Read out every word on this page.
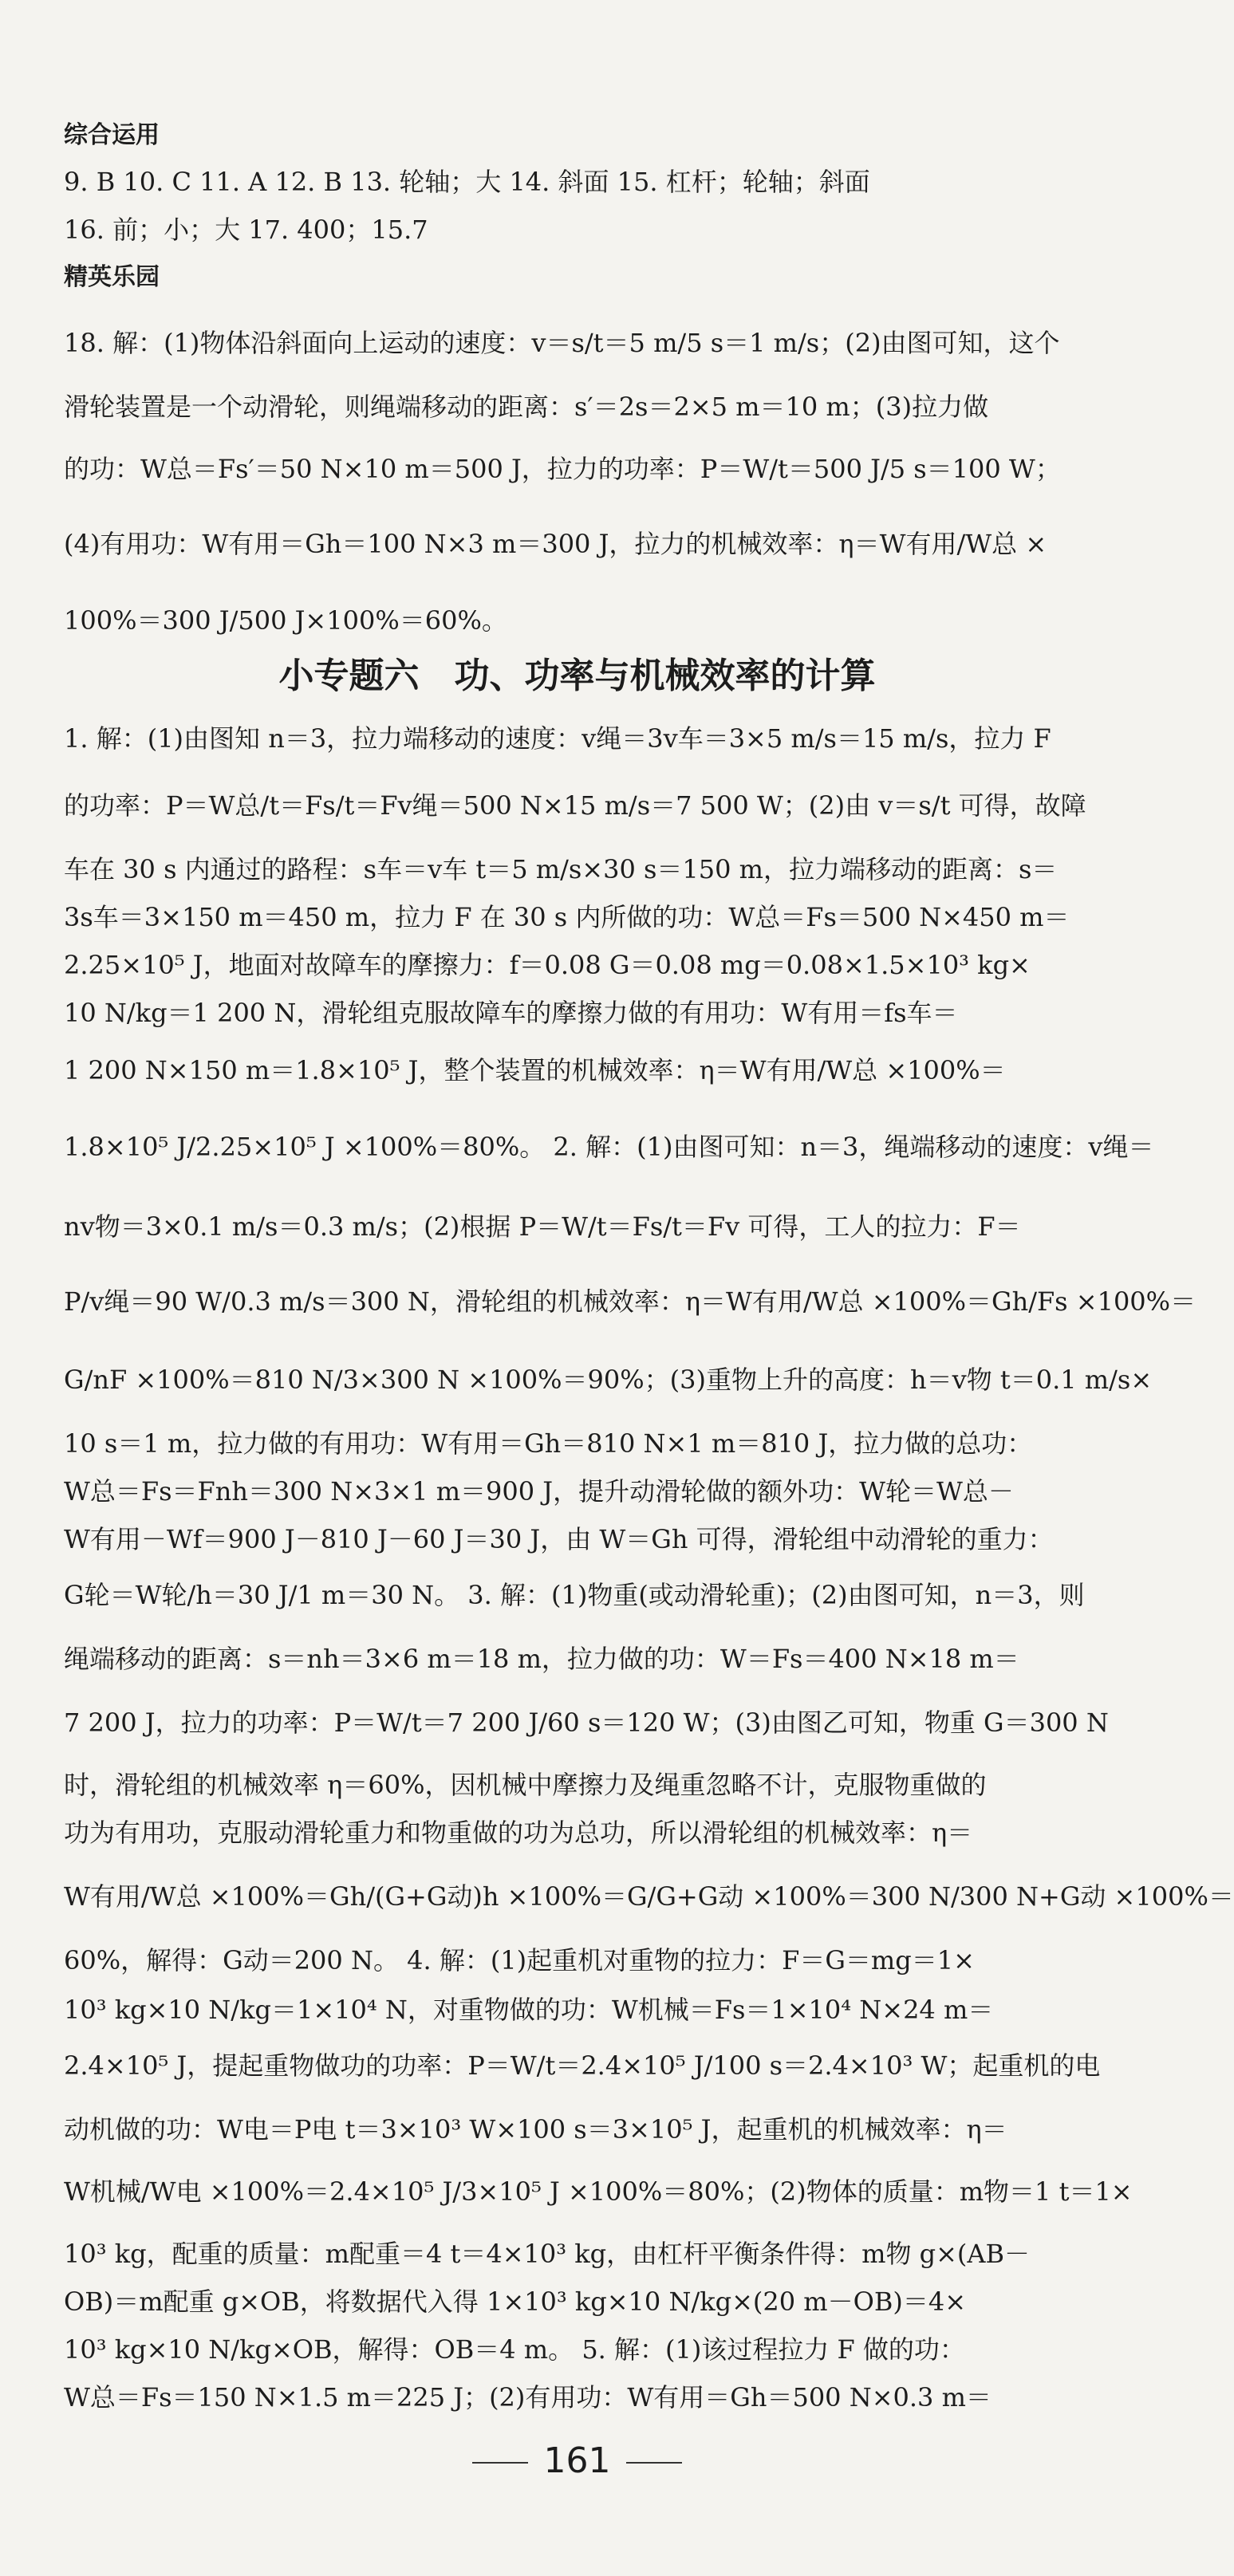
综合运用
9. B 10. C 11. A 12. B 13. 轮轴；大 14. 斜面 15. 杠杆；轮轴；斜面
16. 前；小；大 17. 400；15.7
精英乐园
18. 解：(1)物体沿斜面向上运动的速度：v＝s/t＝5 m/5 s＝1 m/s；(2)由图可知，这个
滑轮装置是一个动滑轮，则绳端移动的距离：s′＝2s＝2×5 m＝10 m；(3)拉力做
的功：W总＝Fs′＝50 N×10 m＝500 J，拉力的功率：P＝W/t＝500 J/5 s＝100 W；
(4)有用功：W有用＝Gh＝100 N×3 m＝300 J，拉力的机械效率：η＝W有用/W总 ×
100%＝300 J/500 J×100%＝60%。
小专题六　功、功率与机械效率的计算
1. 解：(1)由图知 n＝3，拉力端移动的速度：v绳＝3v车＝3×5 m/s＝15 m/s，拉力 F
的功率：P＝W总/t＝Fs/t＝Fv绳＝500 N×15 m/s＝7 500 W；(2)由 v＝s/t 可得，故障
车在 30 s 内通过的路程：s车＝v车 t＝5 m/s×30 s＝150 m，拉力端移动的距离：s＝
3s车＝3×150 m＝450 m，拉力 F 在 30 s 内所做的功：W总＝Fs＝500 N×450 m＝
2.25×10⁵ J，地面对故障车的摩擦力：f＝0.08 G＝0.08 mg＝0.08×1.5×10³ kg×
10 N/kg＝1 200 N，滑轮组克服故障车的摩擦力做的有用功：W有用＝fs车＝
1 200 N×150 m＝1.8×10⁵ J，整个装置的机械效率：η＝W有用/W总 ×100%＝
1.8×10⁵ J/2.25×10⁵ J ×100%＝80%。 2. 解：(1)由图可知：n＝3，绳端移动的速度：v绳＝
nv物＝3×0.1 m/s＝0.3 m/s；(2)根据 P＝W/t＝Fs/t＝Fv 可得，工人的拉力：F＝
P/v绳＝90 W/0.3 m/s＝300 N，滑轮组的机械效率：η＝W有用/W总 ×100%＝Gh/Fs ×100%＝
G/nF ×100%＝810 N/3×300 N ×100%＝90%；(3)重物上升的高度：h＝v物 t＝0.1 m/s×
10 s＝1 m，拉力做的有用功：W有用＝Gh＝810 N×1 m＝810 J，拉力做的总功：
W总＝Fs＝Fnh＝300 N×3×1 m＝900 J，提升动滑轮做的额外功：W轮＝W总－
W有用－Wf＝900 J－810 J－60 J＝30 J，由 W＝Gh 可得，滑轮组中动滑轮的重力：
G轮＝W轮/h＝30 J/1 m＝30 N。 3. 解：(1)物重(或动滑轮重)；(2)由图可知，n＝3，则
绳端移动的距离：s＝nh＝3×6 m＝18 m，拉力做的功：W＝Fs＝400 N×18 m＝
7 200 J，拉力的功率：P＝W/t＝7 200 J/60 s＝120 W；(3)由图乙可知，物重 G＝300 N
时，滑轮组的机械效率 η＝60%，因机械中摩擦力及绳重忽略不计，克服物重做的
功为有用功，克服动滑轮重力和物重做的功为总功，所以滑轮组的机械效率：η＝
W有用/W总 ×100%＝Gh/(G+G动)h ×100%＝G/G+G动 ×100%＝300 N/300 N+G动 ×100%＝
60%，解得：G动＝200 N。 4. 解：(1)起重机对重物的拉力：F＝G＝mg＝1×
10³ kg×10 N/kg＝1×10⁴ N，对重物做的功：W机械＝Fs＝1×10⁴ N×24 m＝
2.4×10⁵ J，提起重物做功的功率：P＝W/t＝2.4×10⁵ J/100 s＝2.4×10³ W；起重机的电
动机做的功：W电＝P电 t＝3×10³ W×100 s＝3×10⁵ J，起重机的机械效率：η＝
W机械/W电 ×100%＝2.4×10⁵ J/3×10⁵ J ×100%＝80%；(2)物体的质量：m物＝1 t＝1×
10³ kg，配重的质量：m配重＝4 t＝4×10³ kg，由杠杆平衡条件得：m物 g×(AB－
OB)＝m配重 g×OB，将数据代入得 1×10³ kg×10 N/kg×(20 m－OB)＝4×
10³ kg×10 N/kg×OB，解得：OB＝4 m。 5. 解：(1)该过程拉力 F 做的功：
W总＝Fs＝150 N×1.5 m＝225 J；(2)有用功：W有用＝Gh＝500 N×0.3 m＝
161
